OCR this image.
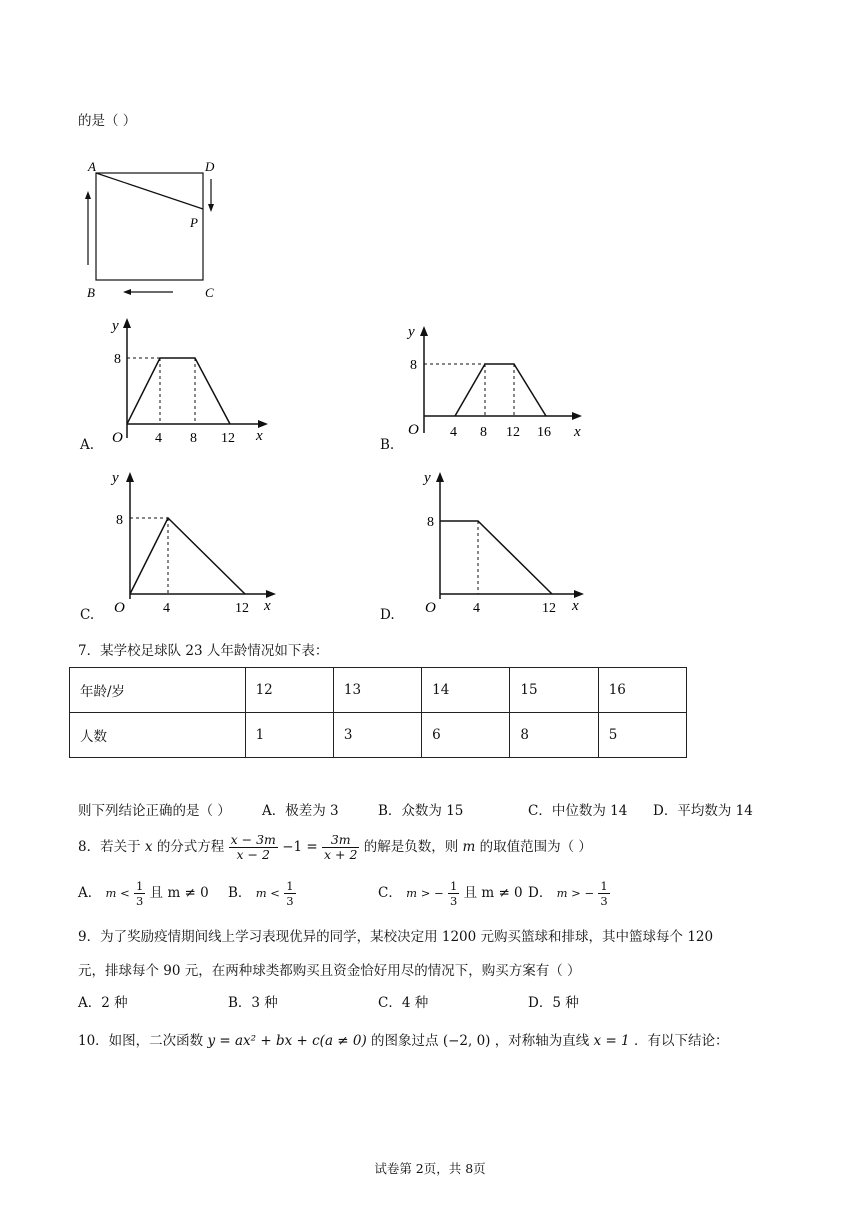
的是（ ）
A	D
P
B	C
A.
y
8
O 4 8 12 x
B.
y
8
O 4 8 12 16 x
C.
y
8
O	4	12 x
D.
y
8
O	4	12 x
7．某学校足球队 23 人年龄情况如下表：
年龄/岁	12	13	14	15	16
人数	1	3	6	8	5
则下列结论正确的是（ ） A．极差为 3	B．众数为 15	C．中位数为 14 D．平均数为 14
8．若关于 x 的分式方程 $\frac{x - 3m}{x - 2} -1 = \frac{3m}{x + 2}$ 的解是负数，则 m 的取值范围为（ ）
A． $m < \frac{1}{3}$ 且 m ≠ 0 B． $m < \frac{1}{3}$	C． m > − $\frac{1}{3}$ 且 m ≠ 0 D． m > − $\frac{1}{3}$
9．为了奖励疫情期间线上学习表现优异的同学，某校决定用 1200 元购买篮球和排球，其中篮球每个 120
元，排球每个 90 元，在两种球类都购买且资金恰好用尽的情况下，购买方案有（ ）
A．2 种	B．3 种	C．4 种	D．5 种
10．如图，二次函数 y = ax² + bx + c(a ≠ 0) 的图象过点 (−2, 0) ，对称轴为直线 x = 1 ．有以下结论：
试卷第 2页，共 8页
